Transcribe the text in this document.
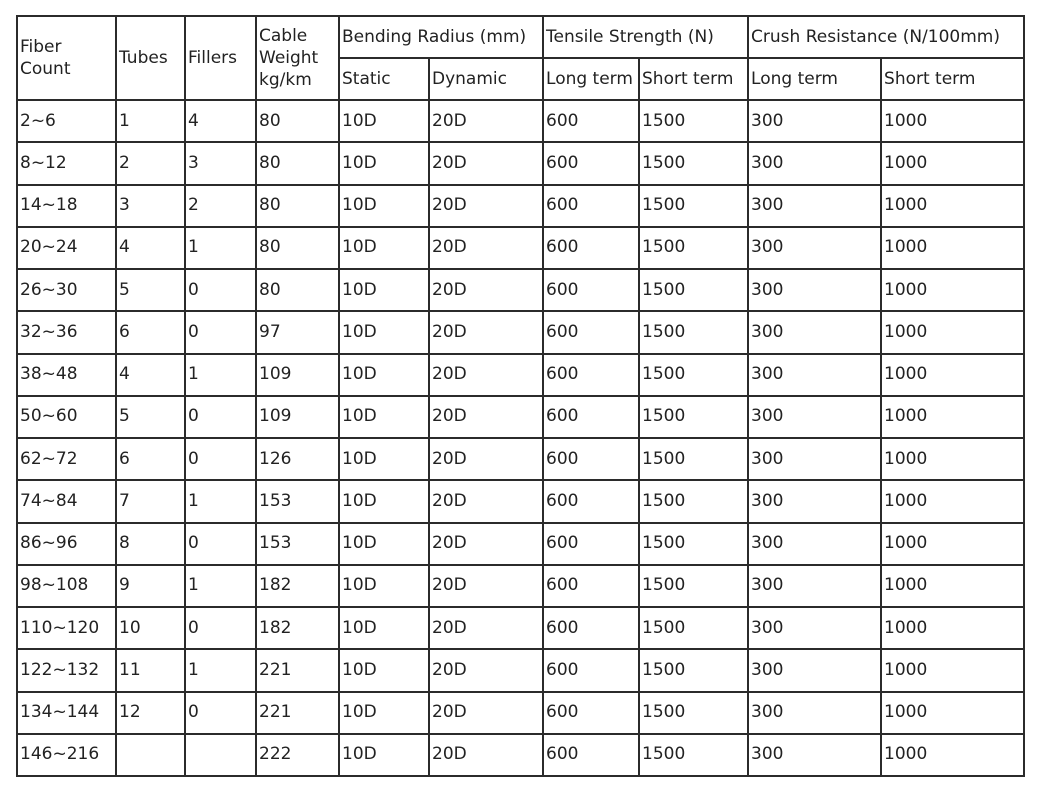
Fiber Count	Tubes	Fillers	Cable Weight kg/km	Bending Radius (mm)		Tensile Strength (N)		Crush Resistance (N/100mm)	
				Static	Dynamic	Long term	Short term	Long term	Short term
2~6	1	4	80	10D	20D	600	1500	300	1000
8~12	2	3	80	10D	20D	600	1500	300	1000
14~18	3	2	80	10D	20D	600	1500	300	1000
20~24	4	1	80	10D	20D	600	1500	300	1000
26~30	5	0	80	10D	20D	600	1500	300	1000
32~36	6	0	97	10D	20D	600	1500	300	1000
38~48	4	1	109	10D	20D	600	1500	300	1000
50~60	5	0	109	10D	20D	600	1500	300	1000
62~72	6	0	126	10D	20D	600	1500	300	1000
74~84	7	1	153	10D	20D	600	1500	300	1000
86~96	8	0	153	10D	20D	600	1500	300	1000
98~108	9	1	182	10D	20D	600	1500	300	1000
110~120	10	0	182	10D	20D	600	1500	300	1000
122~132	11	1	221	10D	20D	600	1500	300	1000
134~144	12	0	221	10D	20D	600	1500	300	1000
146~216			222	10D	20D	600	1500	300	1000
